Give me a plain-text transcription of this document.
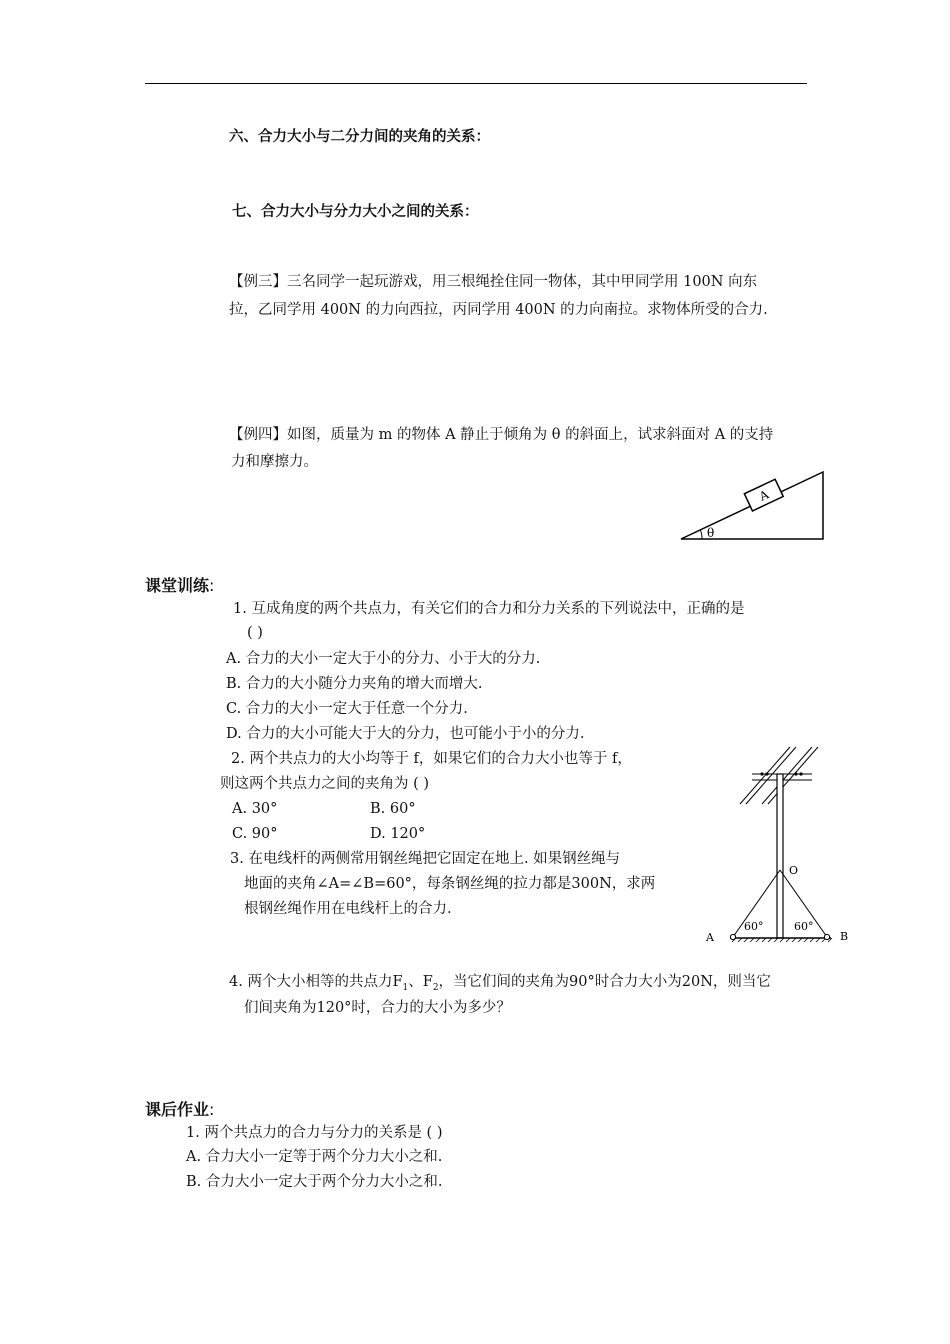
六、合力大小与二分力间的夹角的关系：
七、合力大小与分力大小之间的关系：
【例三】三名同学一起玩游戏，用三根绳拴住同一物体，其中甲同学用 100N 向东
拉，乙同学用 400N 的力向西拉，丙同学用 400N 的力向南拉。求物体所受的合力.
【例四】如图，质量为 m 的物体 A 静止于倾角为 θ 的斜面上，试求斜面对 A 的支持
力和摩擦力。
A
θ
课堂训练:
1. 互成角度的两个共点力，有关它们的合力和分力关系的下列说法中，正确的是
( )
A. 合力的大小一定大于小的分力、小于大的分力.
B. 合力的大小随分力夹角的增大而增大.
C. 合力的大小一定大于任意一个分力.
D. 合力的大小可能大于大的分力，也可能小于小的分力.
2. 两个共点力的大小均等于 f，如果它们的合力大小也等于 f，
则这两个共点力之间的夹角为 ( )
A. 30°	B. 60°
C. 90°	D. 120°
3. 在电线杆的两侧常用钢丝绳把它固定在地上. 如果钢丝绳与
地面的夹角∠A=∠B=60°，每条钢丝绳的拉力都是300N，求两
根钢丝绳作用在电线杆上的合力.
O
A	B
60°	60°
4. 两个大小相等的共点力$F_1$、$F_2$，当它们间的夹角为90°时合力大小为20N，则当它
们间夹角为120°时，合力的大小为多少？
课后作业:
1. 两个共点力的合力与分力的关系是 ( )
A. 合力大小一定等于两个分力大小之和.
B. 合力大小一定大于两个分力大小之和.
